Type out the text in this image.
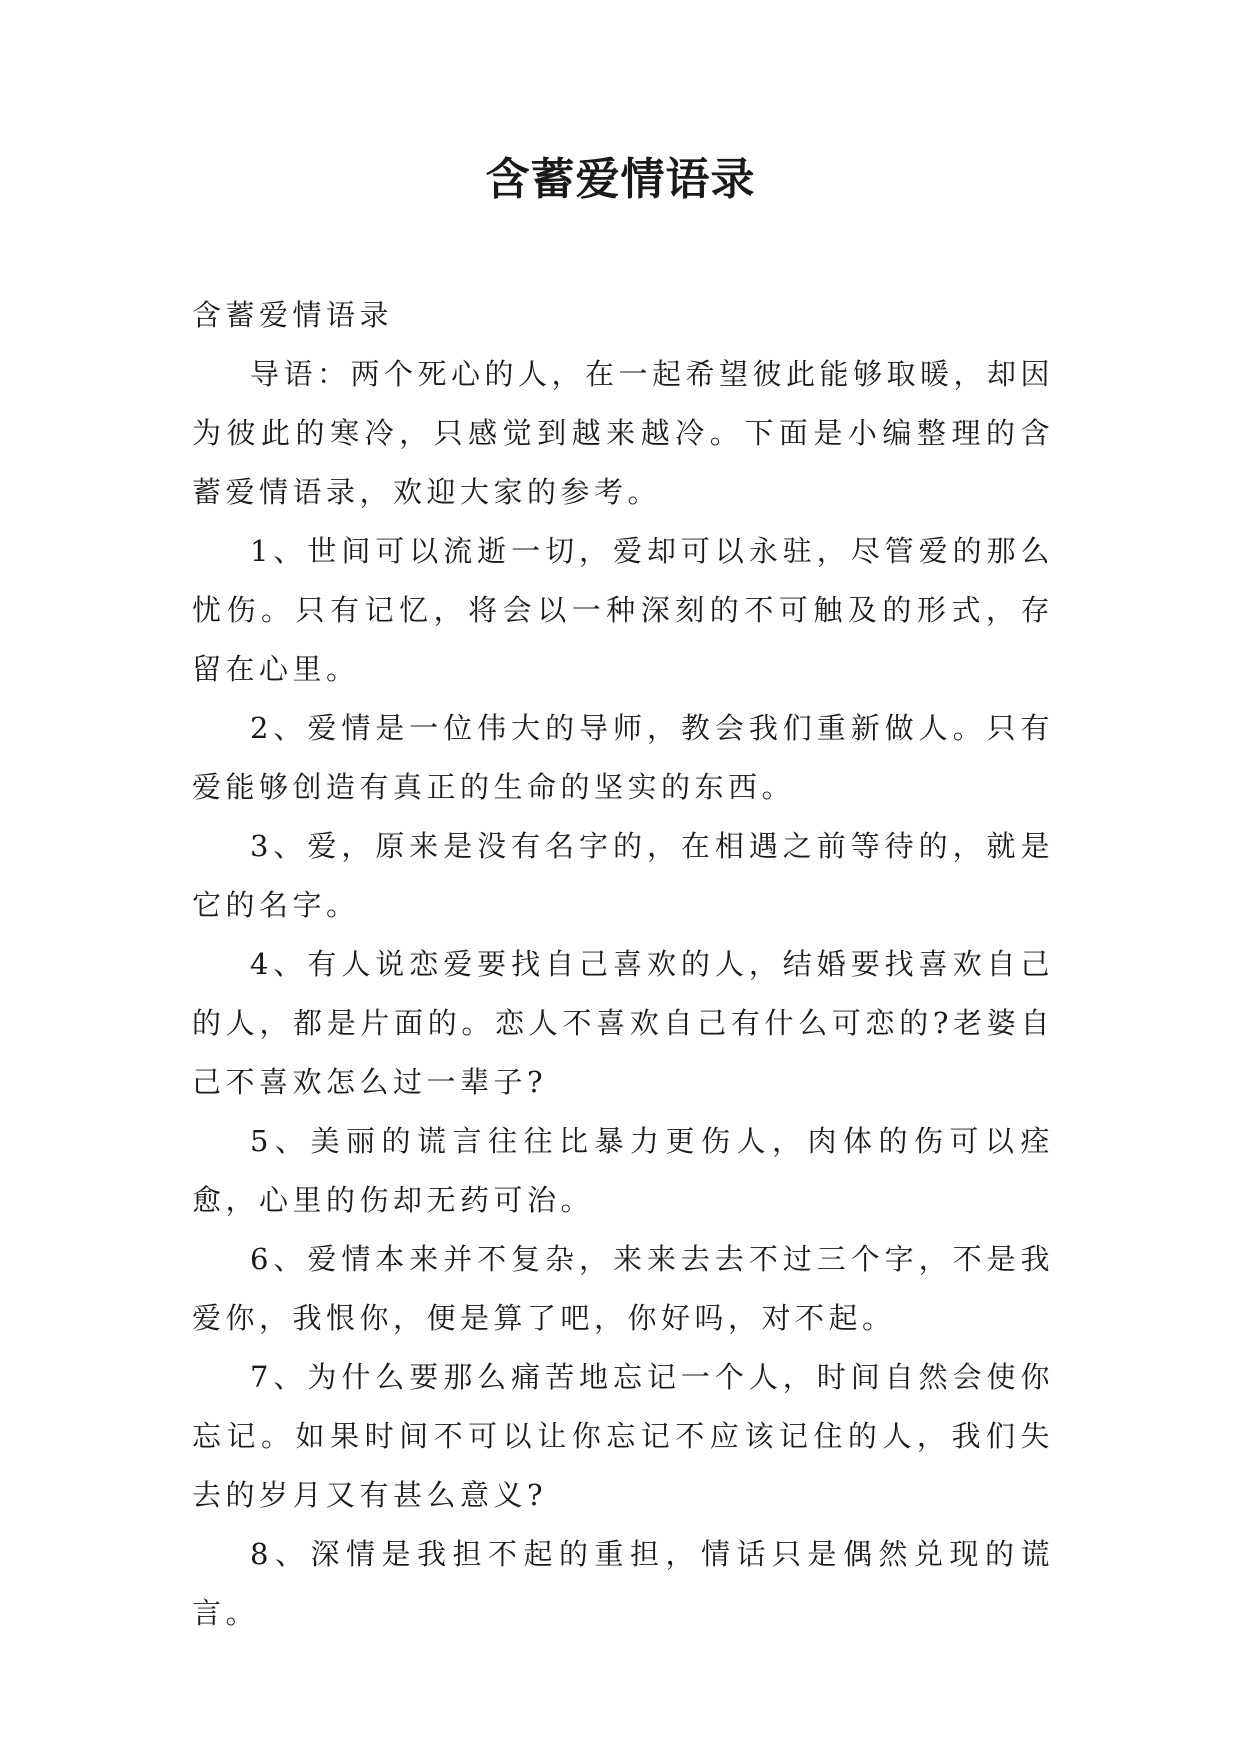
含蓄爱情语录

含蓄爱情语录

导语：两个死心的人，在一起希望彼此能够取暖，却因为彼此的寒冷，只感觉到越来越冷。下面是小编整理的含蓄爱情语录，欢迎大家的参考。

1、世间可以流逝一切，爱却可以永驻，尽管爱的那么忧伤。只有记忆，将会以一种深刻的不可触及的形式，存留在心里。

2、爱情是一位伟大的导师，教会我们重新做人。只有爱能够创造有真正的生命的坚实的东西。

3、爱，原来是没有名字的，在相遇之前等待的，就是它的名字。

4、有人说恋爱要找自己喜欢的人，结婚要找喜欢自己的人，都是片面的。恋人不喜欢自己有什么可恋的?老婆自己不喜欢怎么过一辈子?

5、美丽的谎言往往比暴力更伤人，肉体的伤可以痊愈，心里的伤却无药可治。

6、爱情本来并不复杂，来来去去不过三个字，不是我爱你，我恨你，便是算了吧，你好吗，对不起。

7、为什么要那么痛苦地忘记一个人，时间自然会使你忘记。如果时间不可以让你忘记不应该记住的人，我们失去的岁月又有甚么意义?

8、深情是我担不起的重担，情话只是偶然兑现的谎言。
